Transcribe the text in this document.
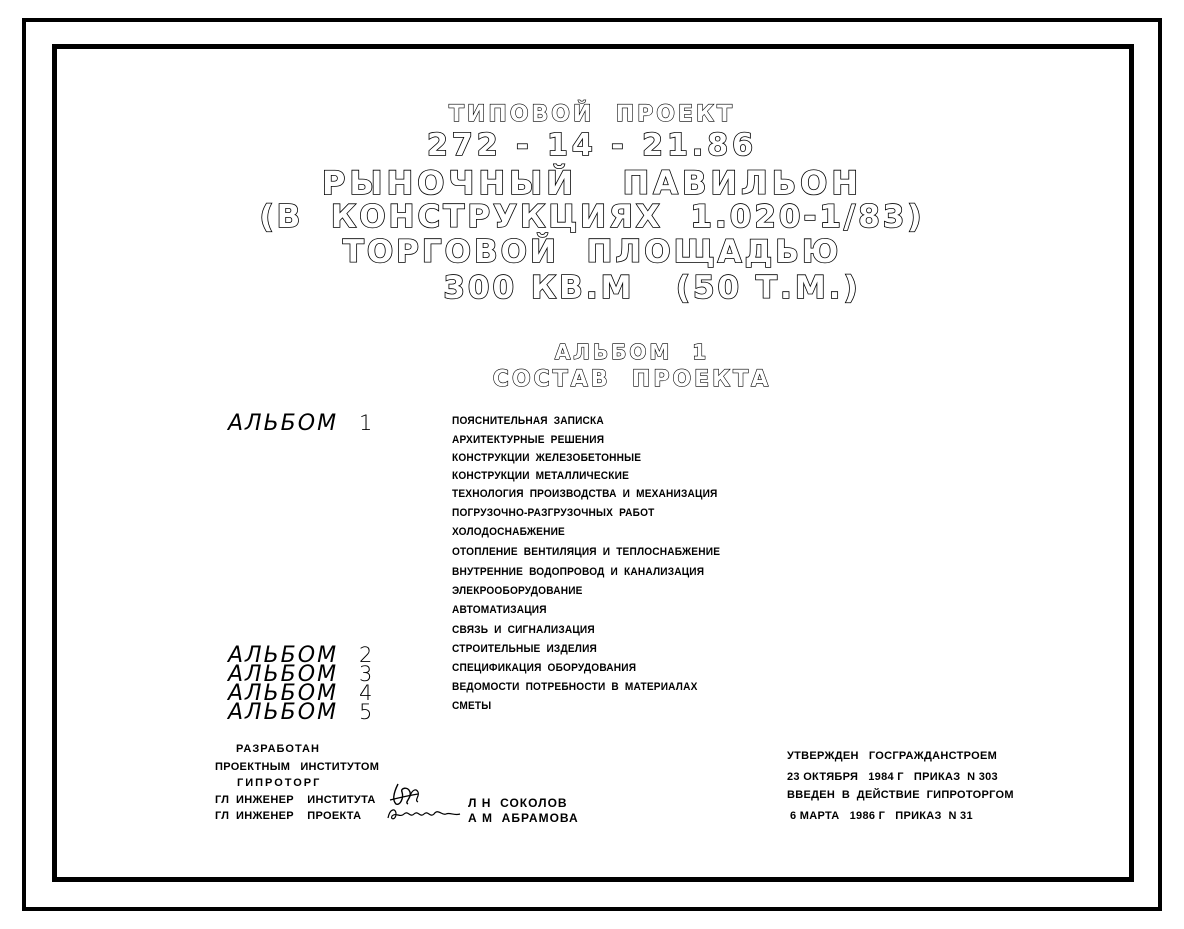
ТИПОВОЙ  ПРОЕКТ

272 - 14 - 21.86

РЫНОЧНЫЙ   ПАВИЛЬОН

(В  КОНСТРУКЦИЯХ  1.020-1/83)

ТОРГОВОЙ  ПЛОЩАДЬЮ

300 КВ.М   (50 Т.М.)

АЛЬБОМ  1

СОСТАВ  ПРОЕКТА

АЛЬБОМ 1
АЛЬБОМ 2
АЛЬБОМ 3
АЛЬБОМ 4
АЛЬБОМ 5
ПОЯСНИТЕЛЬНАЯ  ЗАПИСКА
АРХИТЕКТУРНЫЕ  РЕШЕНИЯ
КОНСТРУКЦИИ  ЖЕЛЕЗОБЕТОННЫЕ
КОНСТРУКЦИИ  МЕТАЛЛИЧЕСКИЕ
ТЕХНОЛОГИЯ  ПРОИЗВОДСТВА  И  МЕХАНИЗАЦИЯ
ПОГРУЗОЧНО-РАЗГРУЗОЧНЫХ  РАБОТ
ХОЛОДОСНАБЖЕНИЕ
ОТОПЛЕНИЕ  ВЕНТИЛЯЦИЯ  И  ТЕПЛОСНАБЖЕНИЕ
ВНУТРЕННИЕ  ВОДОПРОВОД  И  КАНАЛИЗАЦИЯ
ЭЛЕКРООБОРУДОВАНИЕ
АВТОМАТИЗАЦИЯ
СВЯЗЬ  И  СИГНАЛИЗАЦИЯ
СТРОИТЕЛЬНЫЕ  ИЗДЕЛИЯ
СПЕЦИФИКАЦИЯ  ОБОРУДОВАНИЯ
ВЕДОМОСТИ  ПОТРЕБНОСТИ  В  МАТЕРИАЛАХ
СМЕТЫ
РАЗРАБОТАН
ПРОЕКТНЫМ   ИНСТИТУТОМ
ГИПРОТОРГ
ГЛ  ИНЖЕНЕР    ИНСТИТУТА
ГЛ  ИНЖЕНЕР    ПРОЕКТА
Л Н  СОКОЛОВ
А М  АБРАМОВА
УТВЕРЖДЕН   ГОСГРАЖДАНСТРОЕМ
23 ОКТЯБРЯ   1984 Г   ПРИКАЗ  N 303
ВВЕДЕН  В  ДЕЙСТВИЕ  ГИПРОТОРГОМ
6 МАРТА   1986 Г   ПРИКАЗ  N 31
